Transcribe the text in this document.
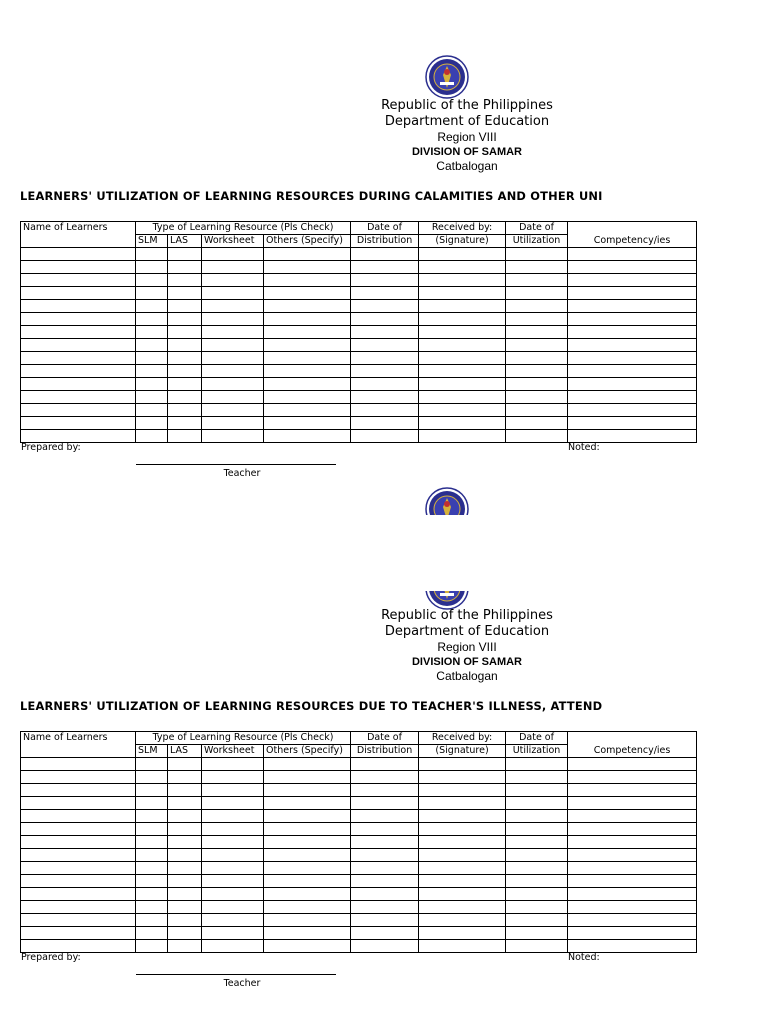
Republic of the Philippines
Department of Education
Region VIII
DIVISION OF SAMAR
Catbalogan
LEARNERS' UTILIZATION OF LEARNING RESOURCES DURING CALAMITIES AND OTHER UNI
Name of Learners	Type of Learning Resource (Pls Check)				Date of	Received by:	Date of	Competency/ies
	SLM	LAS	Worksheet	Others (Specify)	Distribution	(Signature)	Utilization	

Prepared by:	Noted:
Teacher
Republic of the Philippines
Department of Education
Region VIII
DIVISION OF SAMAR
Catbalogan
LEARNERS' UTILIZATION OF LEARNING RESOURCES DUE TO TEACHER'S ILLNESS, ATTEND
Name of Learners	Type of Learning Resource (Pls Check)				Date of	Received by:	Date of	Competency/ies
	SLM	LAS	Worksheet	Others (Specify)	Distribution	(Signature)	Utilization	

Prepared by:	Noted:
Teacher
